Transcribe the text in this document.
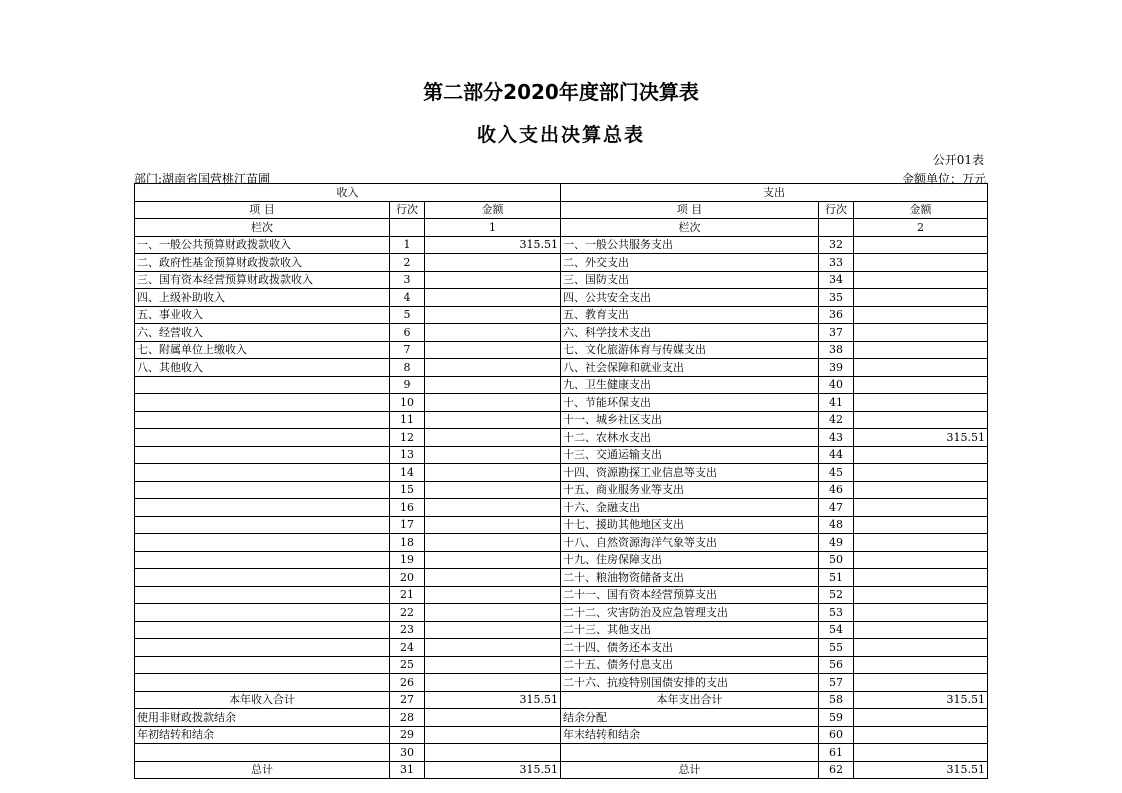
第二部分2020年度部门决算表
收入支出决算总表
公开01表
部门:湖南省国营桃江苗圃	金额单位：万元
收入			支出		
项 目	行次	金额	项 目	行次	金额
栏次		1	栏次		2
一、一般公共预算财政拨款收入	1	315.51	一、一般公共服务支出	32	
二、政府性基金预算财政拨款收入	2		二、外交支出	33	
三、国有资本经营预算财政拨款收入	3		三、国防支出	34	
四、上级补助收入	4		四、公共安全支出	35	
五、事业收入	5		五、教育支出	36	
六、经营收入	6		六、科学技术支出	37	
七、附属单位上缴收入	7		七、文化旅游体育与传媒支出	38	
八、其他收入	8		八、社会保障和就业支出	39	
	9		九、卫生健康支出	40	
	10		十、节能环保支出	41	
	11		十一、城乡社区支出	42	
	12		十二、农林水支出	43	315.51
	13		十三、交通运输支出	44	
	14		十四、资源勘探工业信息等支出	45	
	15		十五、商业服务业等支出	46	
	16		十六、金融支出	47	
	17		十七、援助其他地区支出	48	
	18		十八、自然资源海洋气象等支出	49	
	19		十九、住房保障支出	50	
	20		二十、粮油物资储备支出	51	
	21		二十一、国有资本经营预算支出	52	
	22		二十二、灾害防治及应急管理支出	53	
	23		二十三、其他支出	54	
	24		二十四、债务还本支出	55	
	25		二十五、债务付息支出	56	
	26		二十六、抗疫特别国债安排的支出	57	
本年收入合计	27	315.51	本年支出合计	58	315.51
使用非财政拨款结余	28		结余分配	59	
年初结转和结余	29		年末结转和结余	60	
	30			61	
总计	31	315.51	总计	62	315.51
